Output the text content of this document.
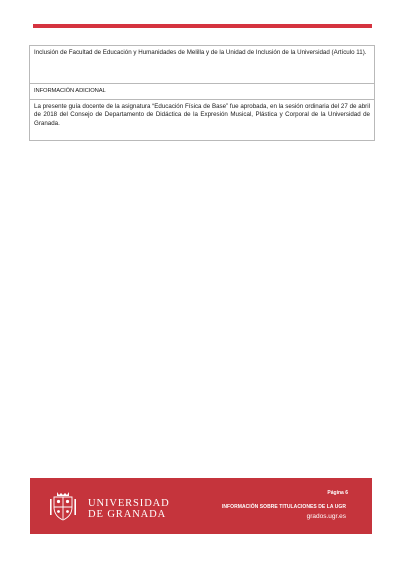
Inclusión de Facultad de Educación y Humanidades de Melilla y de la Unidad de Inclusión de la Universidad (Artículo 11).
INFORMACIÓN ADICIONAL
La presente guía docente de la asignatura “Educación Física de Base” fue aprobada, en la sesión ordinaria del 27 de abril de 2018 del Consejo de Departamento de Didáctica de la Expresión Musical, Plástica y Corporal de la Universidad de Granada.
UNIVERSIDAD
DE GRANADA
Página 6
INFORMACIÓN SOBRE TITULACIONES DE LA UGR
grados.ugr.es
